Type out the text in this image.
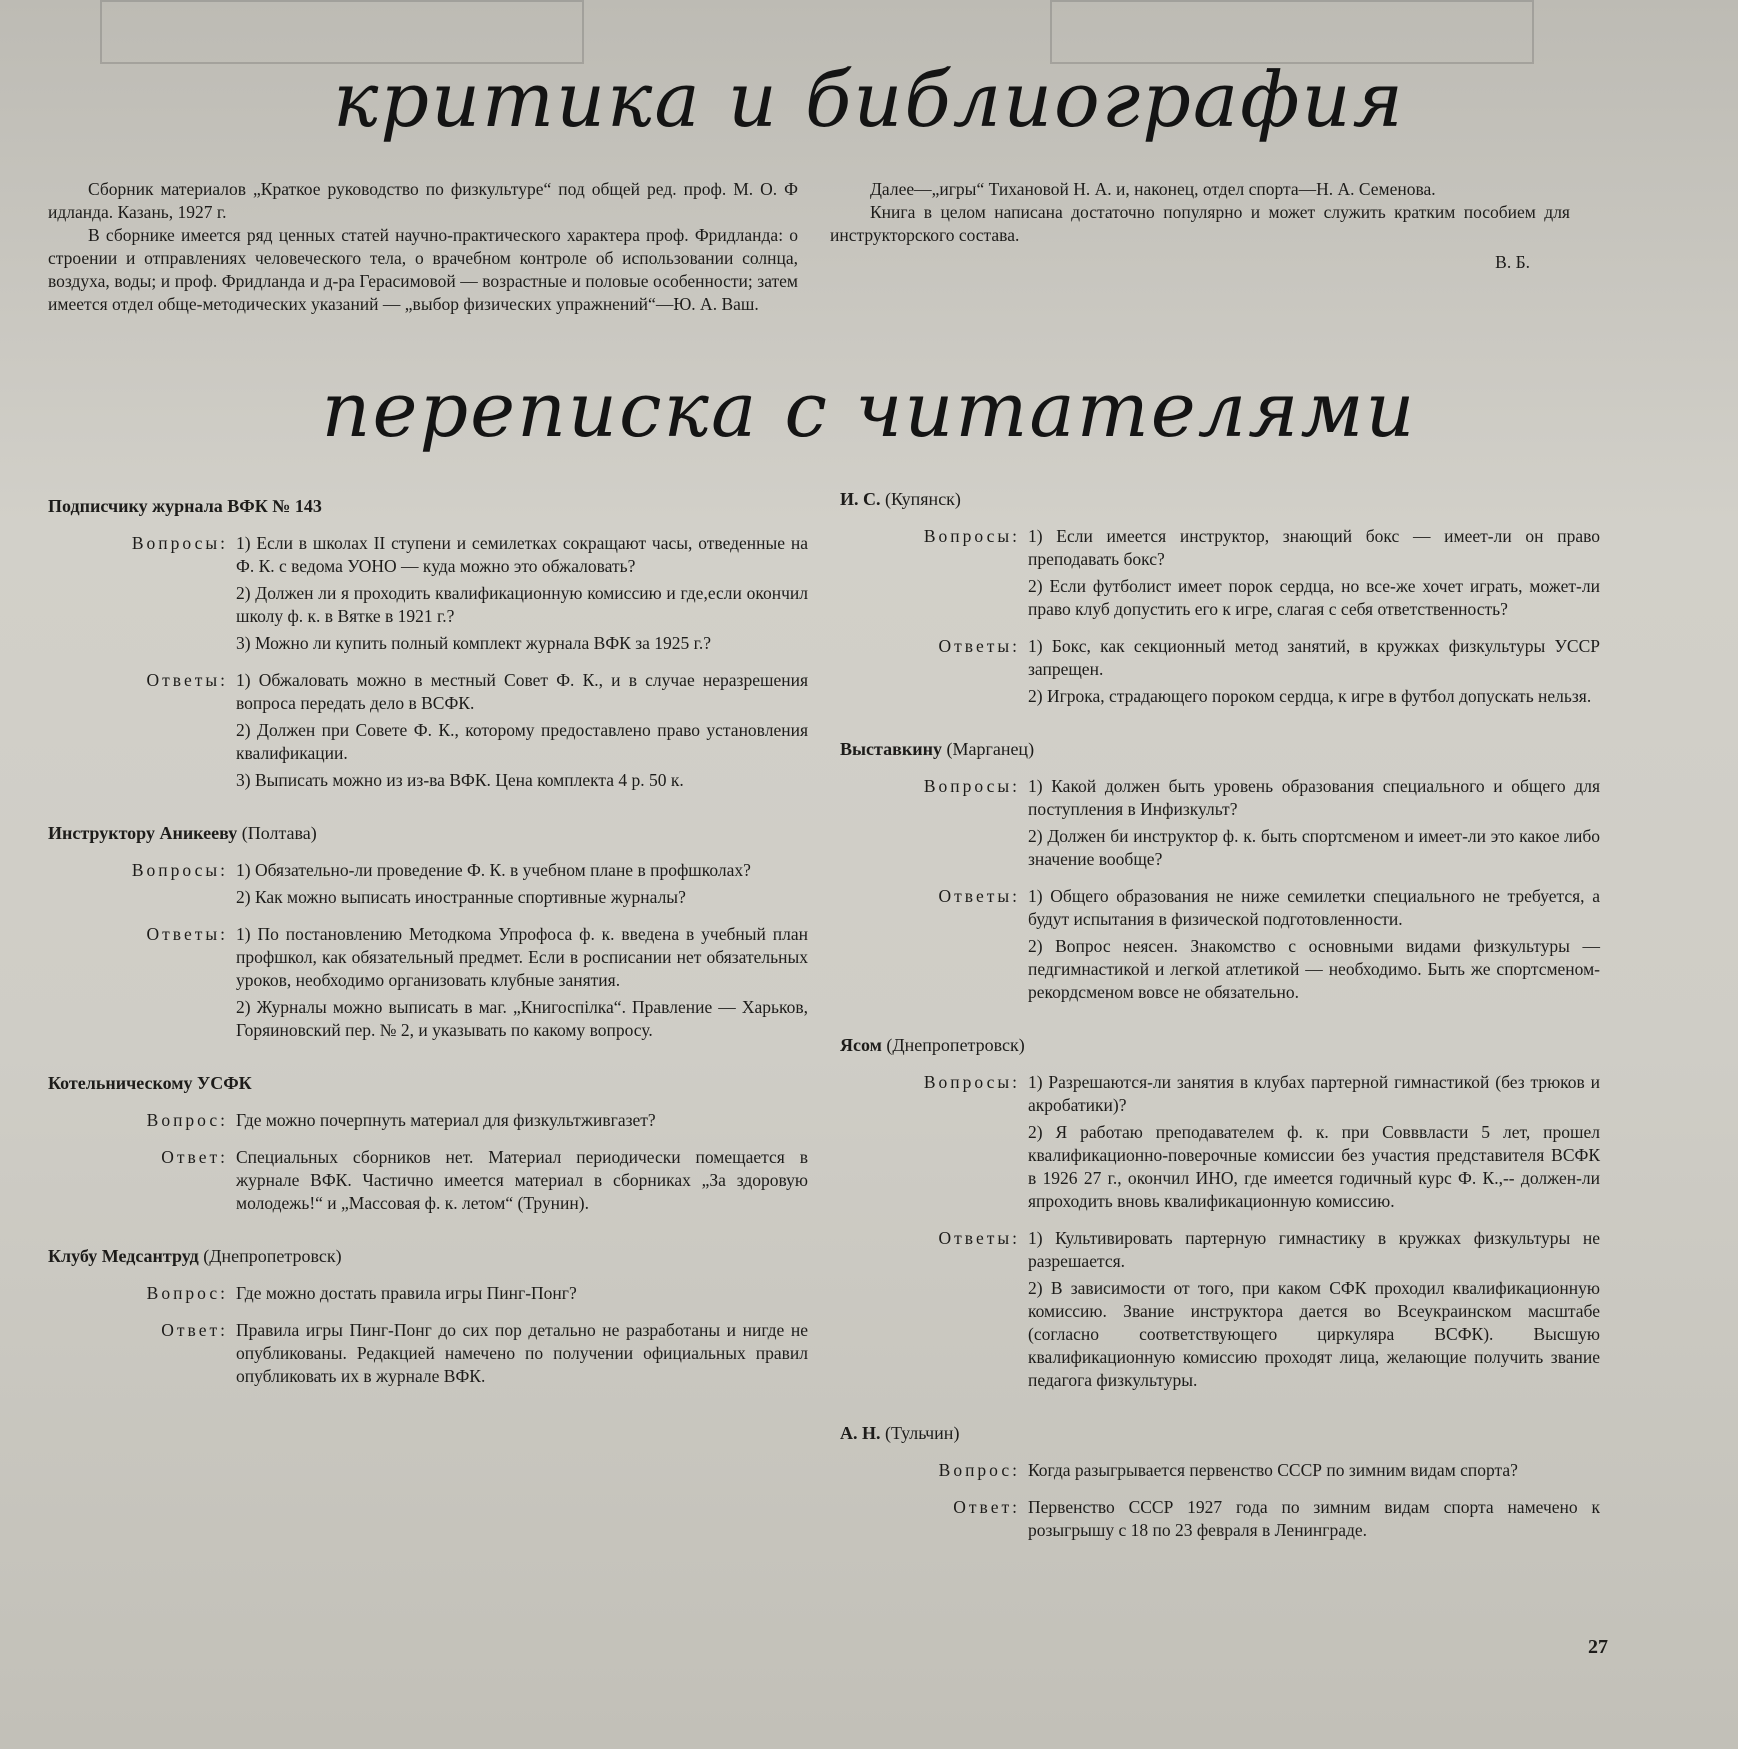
критика и библиография

Сборник материалов „Краткое руководство по физкультуре“ под общей ред. проф. М. О. Ф идланда. Казань, 1927 г.

В сборнике имеется ряд ценных статей научно-практического характера проф. Фридланда: о строении и отправлениях человеческого тела, о врачебном контроле об использовании солнца, воздуха, воды; и проф. Фридланда и д-ра Герасимовой — возрастные и половые особенности; затем имеется отдел обще-методических указаний — „выбор физических упражнений“—Ю. А. Ваш.

Далее—„игры“ Тихановой Н. А. и, наконец, отдел спорта—Н. А. Семенова.

Книга в целом написана достаточно популярно и может служить кратким пособием для инструкторского состава.

В. Б.
переписка с читателями
Подписчику журнала ВФК № 143
Вопросы: 1) Если в школах II ступени и семилетках сокращают часы, отведенные на Ф. К. с ведома УОНО — куда можно это обжаловать?

2) Должен ли я проходить квалификационную комиссию и где,если окончил школу ф. к. в Вятке в 1921 г.?

3) Можно ли купить полный комплект журнала ВФК за 1925 г.?

Ответы: 1) Обжаловать можно в местный Совет Ф. К., и в случае неразрешения вопроса передать дело в ВСФК.

2) Должен при Совете Ф. К., которому предоставлено право установления квалификации.

3) Выписать можно из из-ва ВФК. Цена комплекта 4 р. 50 к.

Инструктору Аникееву (Полтава)
Вопросы: 1) Обязательно-ли проведение Ф. К. в учебном плане в профшколах?

2) Как можно выписать иностранные спортивные журналы?

Ответы: 1) По постановлению Методкома Упрофоса ф. к. введена в учебный план профшкол, как обязательный предмет. Если в росписании нет обязательных уроков, необходимо организовать клубные занятия.

2) Журналы можно выписать в маг. „Книгоспілка“. Правление — Харьков, Горяиновский пер. № 2, и указывать по какому вопросу.

Котельническому УСФК
Вопрос: Где можно почерпнуть материал для физкультживгазет?

Ответ: Специальных сборников нет. Материал периодически помещается в журнале ВФК. Частично имеется материал в сборниках „За здоровую молодежь!“ и „Массовая ф. к. летом“ (Трунин).

Клубу Медсантруд (Днепропетровск)
Вопрос: Где можно достать правила игры Пинг-Понг?

Ответ: Правила игры Пинг-Понг до сих пор детально не разработаны и нигде не опубликованы. Редакцией намечено по получении официальных правил опубликовать их в журнале ВФК.

И. С. (Купянск)
Вопросы: 1) Если имеется инструктор, знающий бокс — имеет-ли он право преподавать бокс?

2) Если футболист имеет порок сердца, но все-же хочет играть, может-ли право клуб допустить его к игре, слагая с себя ответственность?

Ответы: 1) Бокс, как секционный метод занятий, в кружках физкультуры УССР запрещен.

2) Игрока, страдающего пороком сердца, к игре в футбол допускать нельзя.

Выставкину (Марганец)
Вопросы: 1) Какой должен быть уровень образования специального и общего для поступления в Инфизкульт?

2) Должен би инструктор ф. к. быть спортсменом и имеет-ли это какое либо значение вообще?

Ответы: 1) Общего образования не ниже семилетки специального не требуется, а будут испытания в физической подготовленности.

2) Вопрос неясен. Знакомство с основными видами физкультуры — педгимнастикой и легкой атлетикой — необходимо. Быть же спортсменом-рекордсменом вовсе не обязательно.

Ясом (Днепропетровск)
Вопросы: 1) Разрешаются-ли занятия в клубах партерной гимнастикой (без трюков и акробатики)?

2) Я работаю преподавателем ф. к. при Совввласти 5 лет, прошел квалификационно-поверочные комиссии без участия представителя ВСФК в 1926 27 г., окончил ИНО, где имеется годичный курс Ф. К.,-- должен-ли япроходить вновь квалификационную комиссию.

Ответы: 1) Культивировать партерную гимнастику в кружках физкультуры не разрешается.

2) В зависимости от того, при каком СФК проходил квалификационную комиссию. Звание инструктора дается во Всеукраинском масштабе (согласно соответствующего циркуляра ВСФК). Высшую квалификационную комиссию проходят лица, желающие получить звание педагога физкультуры.

А. Н. (Тульчин)
Вопрос: Когда разыгрывается первенство СССР по зимним видам спорта?

Ответ: Первенство СССР 1927 года по зимним видам спорта намечено к розыгрышу с 18 по 23 февраля в Ленинграде.

27
